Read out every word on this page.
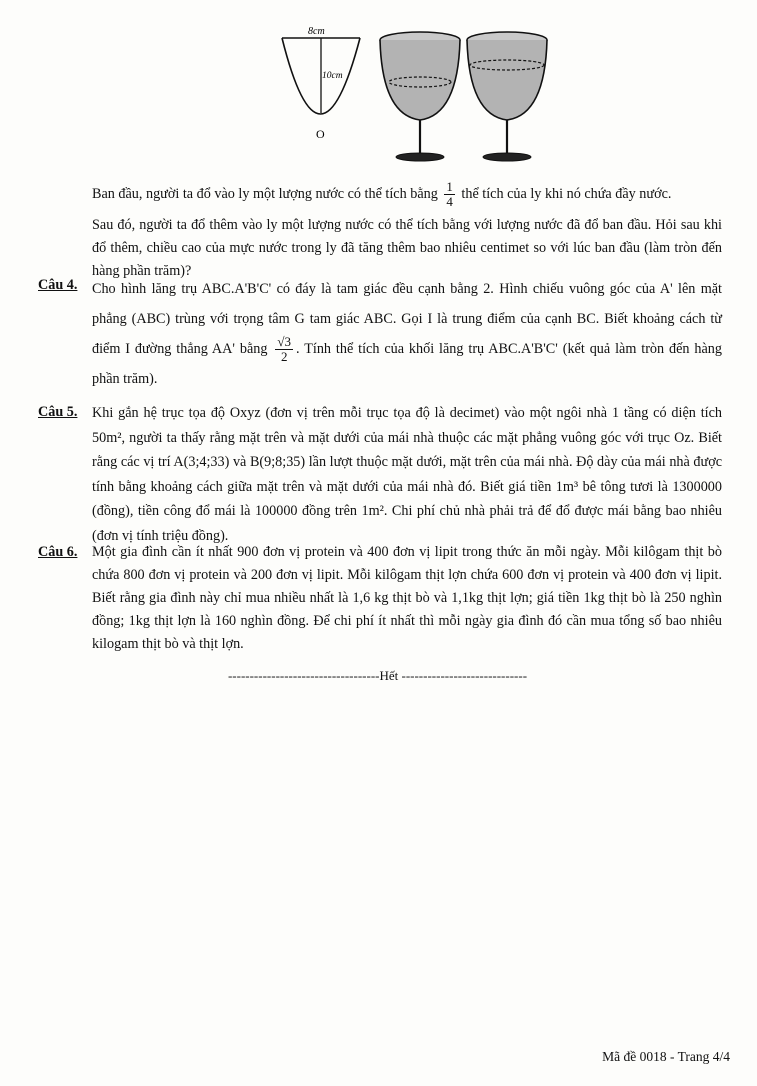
8cm
10cm
O
Ban đầu, người ta đổ vào ly một lượng nước có thể tích bằng $\frac{1}{4}$ thể tích của ly khi nó chứa đầy nước.
Sau đó, người ta đổ thêm vào ly một lượng nước có thể tích bằng với lượng nước đã đổ ban đầu. Hỏi sau khi đổ thêm, chiều cao của mực nước trong ly đã tăng thêm bao nhiêu centimet so với lúc ban đầu (làm tròn đến hàng phần trăm)?
Câu 4. Cho hình lăng trụ ABC.A'B'C' có đáy là tam giác đều cạnh bằng 2. Hình chiếu vuông góc của A' lên mặt phẳng (ABC) trùng với trọng tâm G tam giác ABC. Gọi I là trung điểm của cạnh BC. Biết khoảng cách từ điểm I đường thẳng AA' bằng $\frac{√3}{2}$ . Tính thể tích của khối lăng trụ ABC.A'B'C' (kết quả làm tròn đến hàng phần trăm).
Câu 5. Khi gắn hệ trục tọa độ Oxyz (đơn vị trên mỗi trục tọa độ là decimet) vào một ngôi nhà 1 tầng có diện tích 50m², người ta thấy rằng mặt trên và mặt dưới của mái nhà thuộc các mặt phẳng vuông góc với trục Oz. Biết rằng các vị trí A(3;4;33) và B(9;8;35) lần lượt thuộc mặt dưới, mặt trên của mái nhà. Độ dày của mái nhà được tính bằng khoảng cách giữa mặt trên và mặt dưới của mái nhà đó. Biết giá tiền 1m³ bê tông tươi là 1300000 (đồng), tiền công đổ mái là 100000 đồng trên 1m². Chi phí chủ nhà phải trả để đổ được mái bằng bao nhiêu (đơn vị tính triệu đồng).
Câu 6. Một gia đình cần ít nhất 900 đơn vị protein và 400 đơn vị lipit trong thức ăn mỗi ngày. Mỗi kilôgam thịt bò chứa 800 đơn vị protein và 200 đơn vị lipit. Mỗi kilôgam thịt lợn chứa 600 đơn vị protein và 400 đơn vị lipit. Biết rằng gia đình này chỉ mua nhiều nhất là 1,6 kg thịt bò và 1,1kg thịt lợn; giá tiền 1kg thịt bò là 250 nghìn đồng; 1kg thịt lợn là 160 nghìn đồng. Để chi phí ít nhất thì mỗi ngày gia đình đó cần mua tổng số bao nhiêu kilogam thịt bò và thịt lợn.
-----------------------------------Hết -----------------------------
Mã đề 0018 - Trang 4/4
